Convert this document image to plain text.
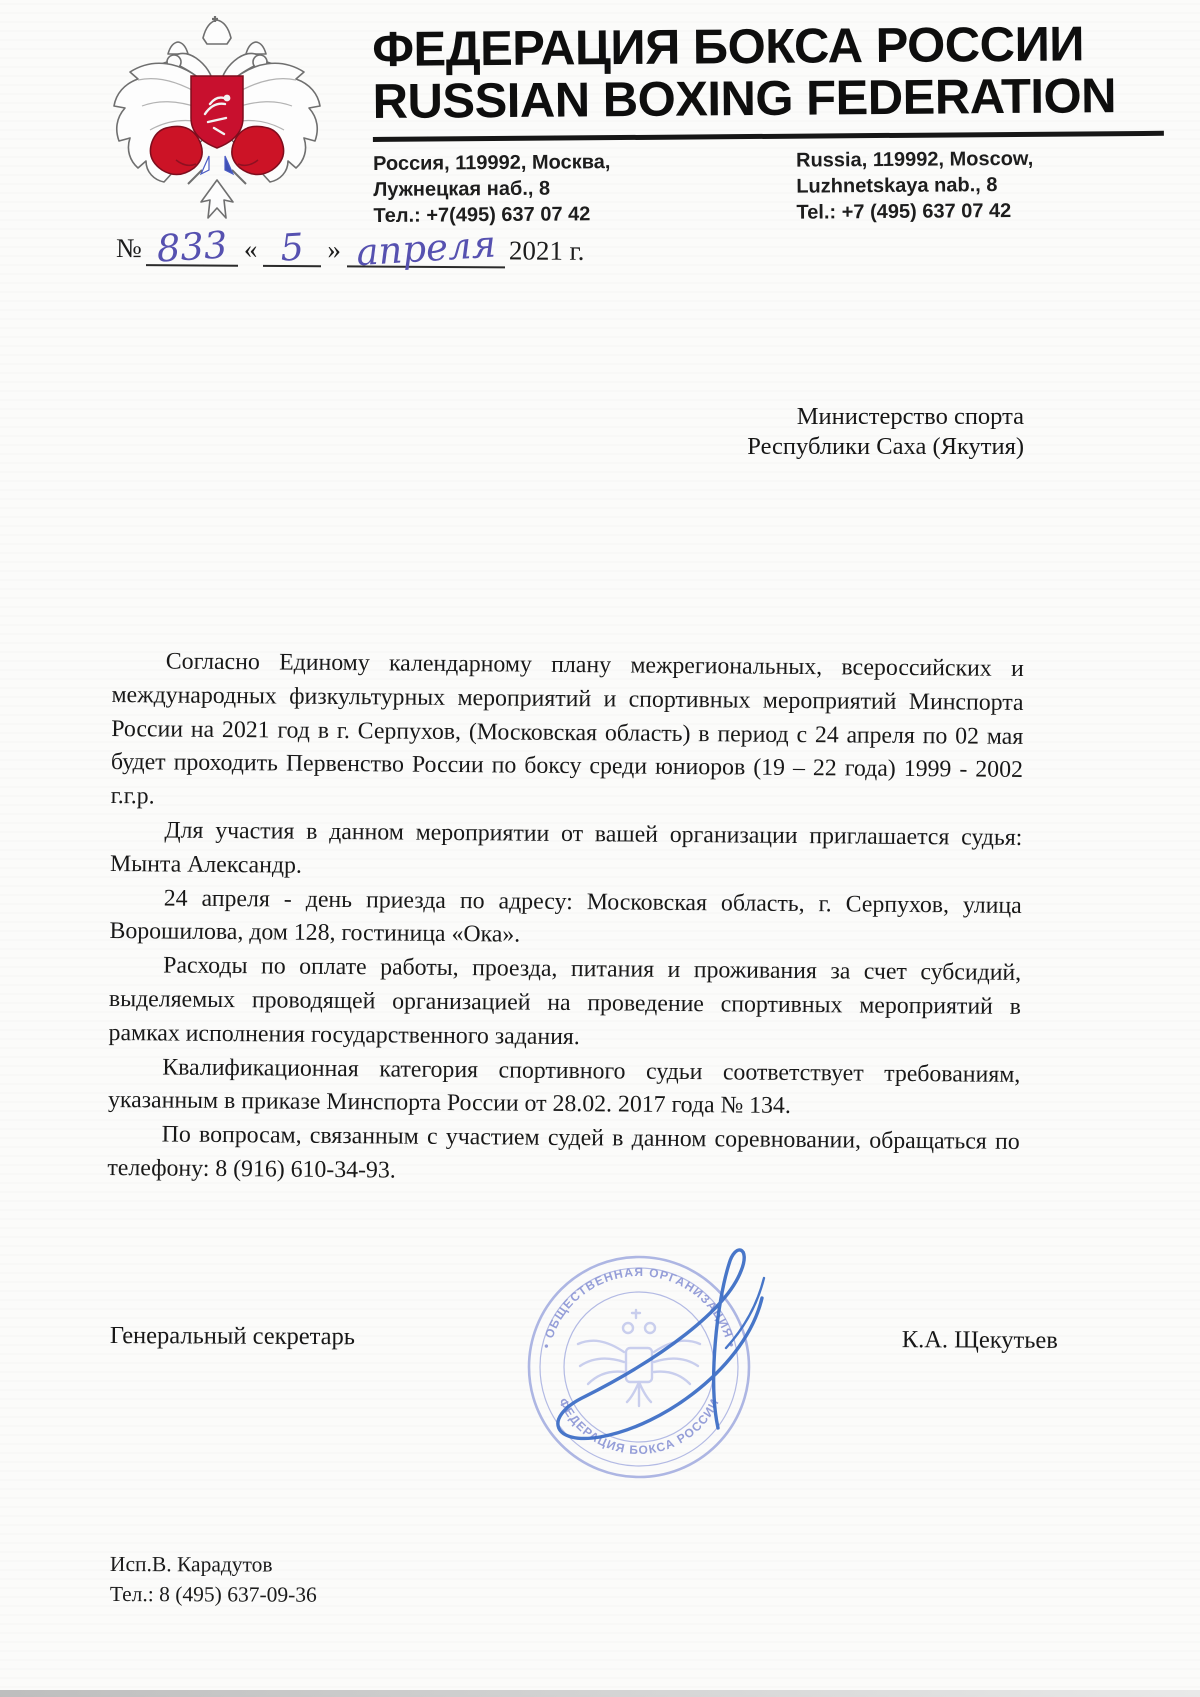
ФЕДЕРАЦИЯ БОКСА РОССИИ
RUSSIAN BOXING FEDERATION
Россия, 119992, Москва,
Лужнецкая наб., 8
Тел.: +7(495) 637 07 42
Russia, 119992, Moscow,
Luzhnetskaya nab., 8
Tel.: +7 (495) 637 07 42
№ 833 « 5 » апреля 2021 г.
Министерство спорта
Республики Саха (Якутия)

Согласно Единому календарному плану межрегиональных, всероссийских и международных физкультурных мероприятий и спортивных мероприятий Минспорта России на 2021 год в г. Серпухов, (Московская область) в период с 24 апреля по 02 мая будет проходить Первенство России по боксу среди юниоров (19 – 22 года) 1999 - 2002 г.г.р.

Для участия в данном мероприятии от вашей организации приглашается судья: Мынта Александр.

24 апреля - день приезда по адресу: Московская область, г. Серпухов, улица Ворошилова, дом 128, гостиница «Ока».

Расходы по оплате работы, проезда, питания и проживания за счет субсидий, выделяемых проводящей организацией на проведение спортивных мероприятий в рамках исполнения государственного задания.

Квалификационная категория спортивного судьи соответствует требованиям, указанным в приказе Минспорта России от 28.02. 2017 года № 134.

По вопросам, связанным с участием судей в данном соревновании, обращаться по телефону: 8 (916) 610-34-93.

Генеральный секретарь	К.А. Щекутьев
• ОБЩЕСТВЕННАЯ ОРГАНИЗАЦИЯ •
ФЕДЕРАЦИЯ БОКСА РОССИИ
Исп.В. Карадутов
Тел.: 8 (495) 637-09-36
